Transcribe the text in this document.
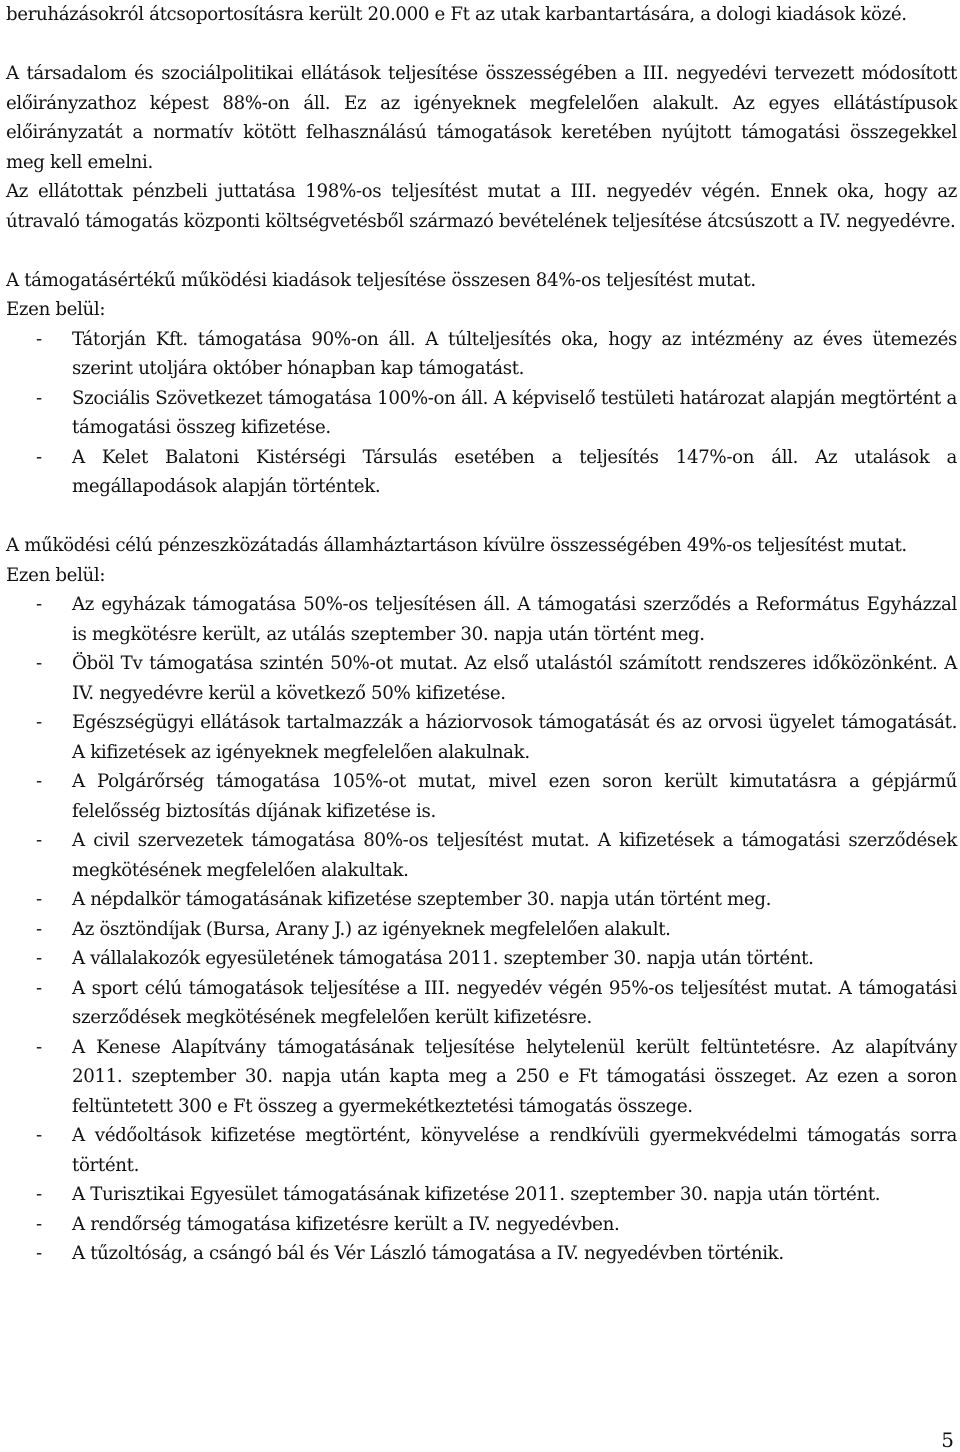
beruházásokról átcsoportosításra került 20.000 e Ft az utak karbantartására, a dologi kiadások közé.

A társadalom és szociálpolitikai ellátások teljesítése összességében a III. negyedévi tervezett módosított előirányzathoz képest 88%-on áll. Ez az igényeknek megfelelően alakult. Az egyes ellátástípusok előirányzatát a normatív kötött felhasználású támogatások keretében nyújtott támogatási összegekkel meg kell emelni.

Az ellátottak pénzbeli juttatása 198%-os teljesítést mutat a III. negyedév végén. Ennek oka, hogy az útravaló támogatás központi költségvetésből származó bevételének teljesítése átcsúszott a IV. negyedévre.

A támogatásértékű működési kiadások teljesítése összesen 84%-os teljesítést mutat.

Ezen belül:

- Tátorján Kft. támogatása 90%-on áll. A túlteljesítés oka, hogy az intézmény az éves ütemezés szerint utoljára október hónapban kap támogatást.
- Szociális Szövetkezet támogatása 100%-on áll. A képviselő testületi határozat alapján megtörtént a támogatási összeg kifizetése.
- A Kelet Balatoni Kistérségi Társulás esetében a teljesítés 147%-on áll. Az utalások a megállapodások alapján történtek.

A működési célú pénzeszközátadás államháztartáson kívülre összességében 49%-os teljesítést mutat.

Ezen belül:

- Az egyházak támogatása 50%-os teljesítésen áll. A támogatási szerződés a Református Egyházzal is megkötésre került, az utálás szeptember 30. napja után történt meg.
- Öböl Tv támogatása szintén 50%-ot mutat. Az első utalástól számított rendszeres időközönként. A IV. negyedévre kerül a következő 50% kifizetése.
- Egészségügyi ellátások tartalmazzák a háziorvosok támogatását és az orvosi ügyelet támogatását. A kifizetések az igényeknek megfelelően alakulnak.
- A Polgárőrség támogatása 105%-ot mutat, mivel ezen soron került kimutatásra a gépjármű felelősség biztosítás díjának kifizetése is.
- A civil szervezetek támogatása 80%-os teljesítést mutat. A kifizetések a támogatási szerződések megkötésének megfelelően alakultak.
- A népdalkör támogatásának kifizetése szeptember 30. napja után történt meg.
- Az ösztöndíjak (Bursa, Arany J.) az igényeknek megfelelően alakult.
- A vállalakozók egyesületének támogatása 2011. szeptember 30. napja után történt.
- A sport célú támogatások teljesítése a III. negyedév végén 95%-os teljesítést mutat. A támogatási szerződések megkötésének megfelelően került kifizetésre.
- A Kenese Alapítvány támogatásának teljesítése helytelenül került feltüntetésre. Az alapítvány 2011. szeptember 30. napja után kapta meg a 250 e Ft támogatási összeget. Az ezen a soron feltüntetett 300 e Ft összeg a gyermekétkeztetési támogatás összege.
- A védőoltások kifizetése megtörtént, könyvelése a rendkívüli gyermekvédelmi támogatás sorra történt.
- A Turisztikai Egyesület támogatásának kifizetése 2011. szeptember 30. napja után történt.
- A rendőrség támogatása kifizetésre került a IV. negyedévben.
- A tűzoltóság, a csángó bál és Vér László támogatása a IV. negyedévben történik.
5
